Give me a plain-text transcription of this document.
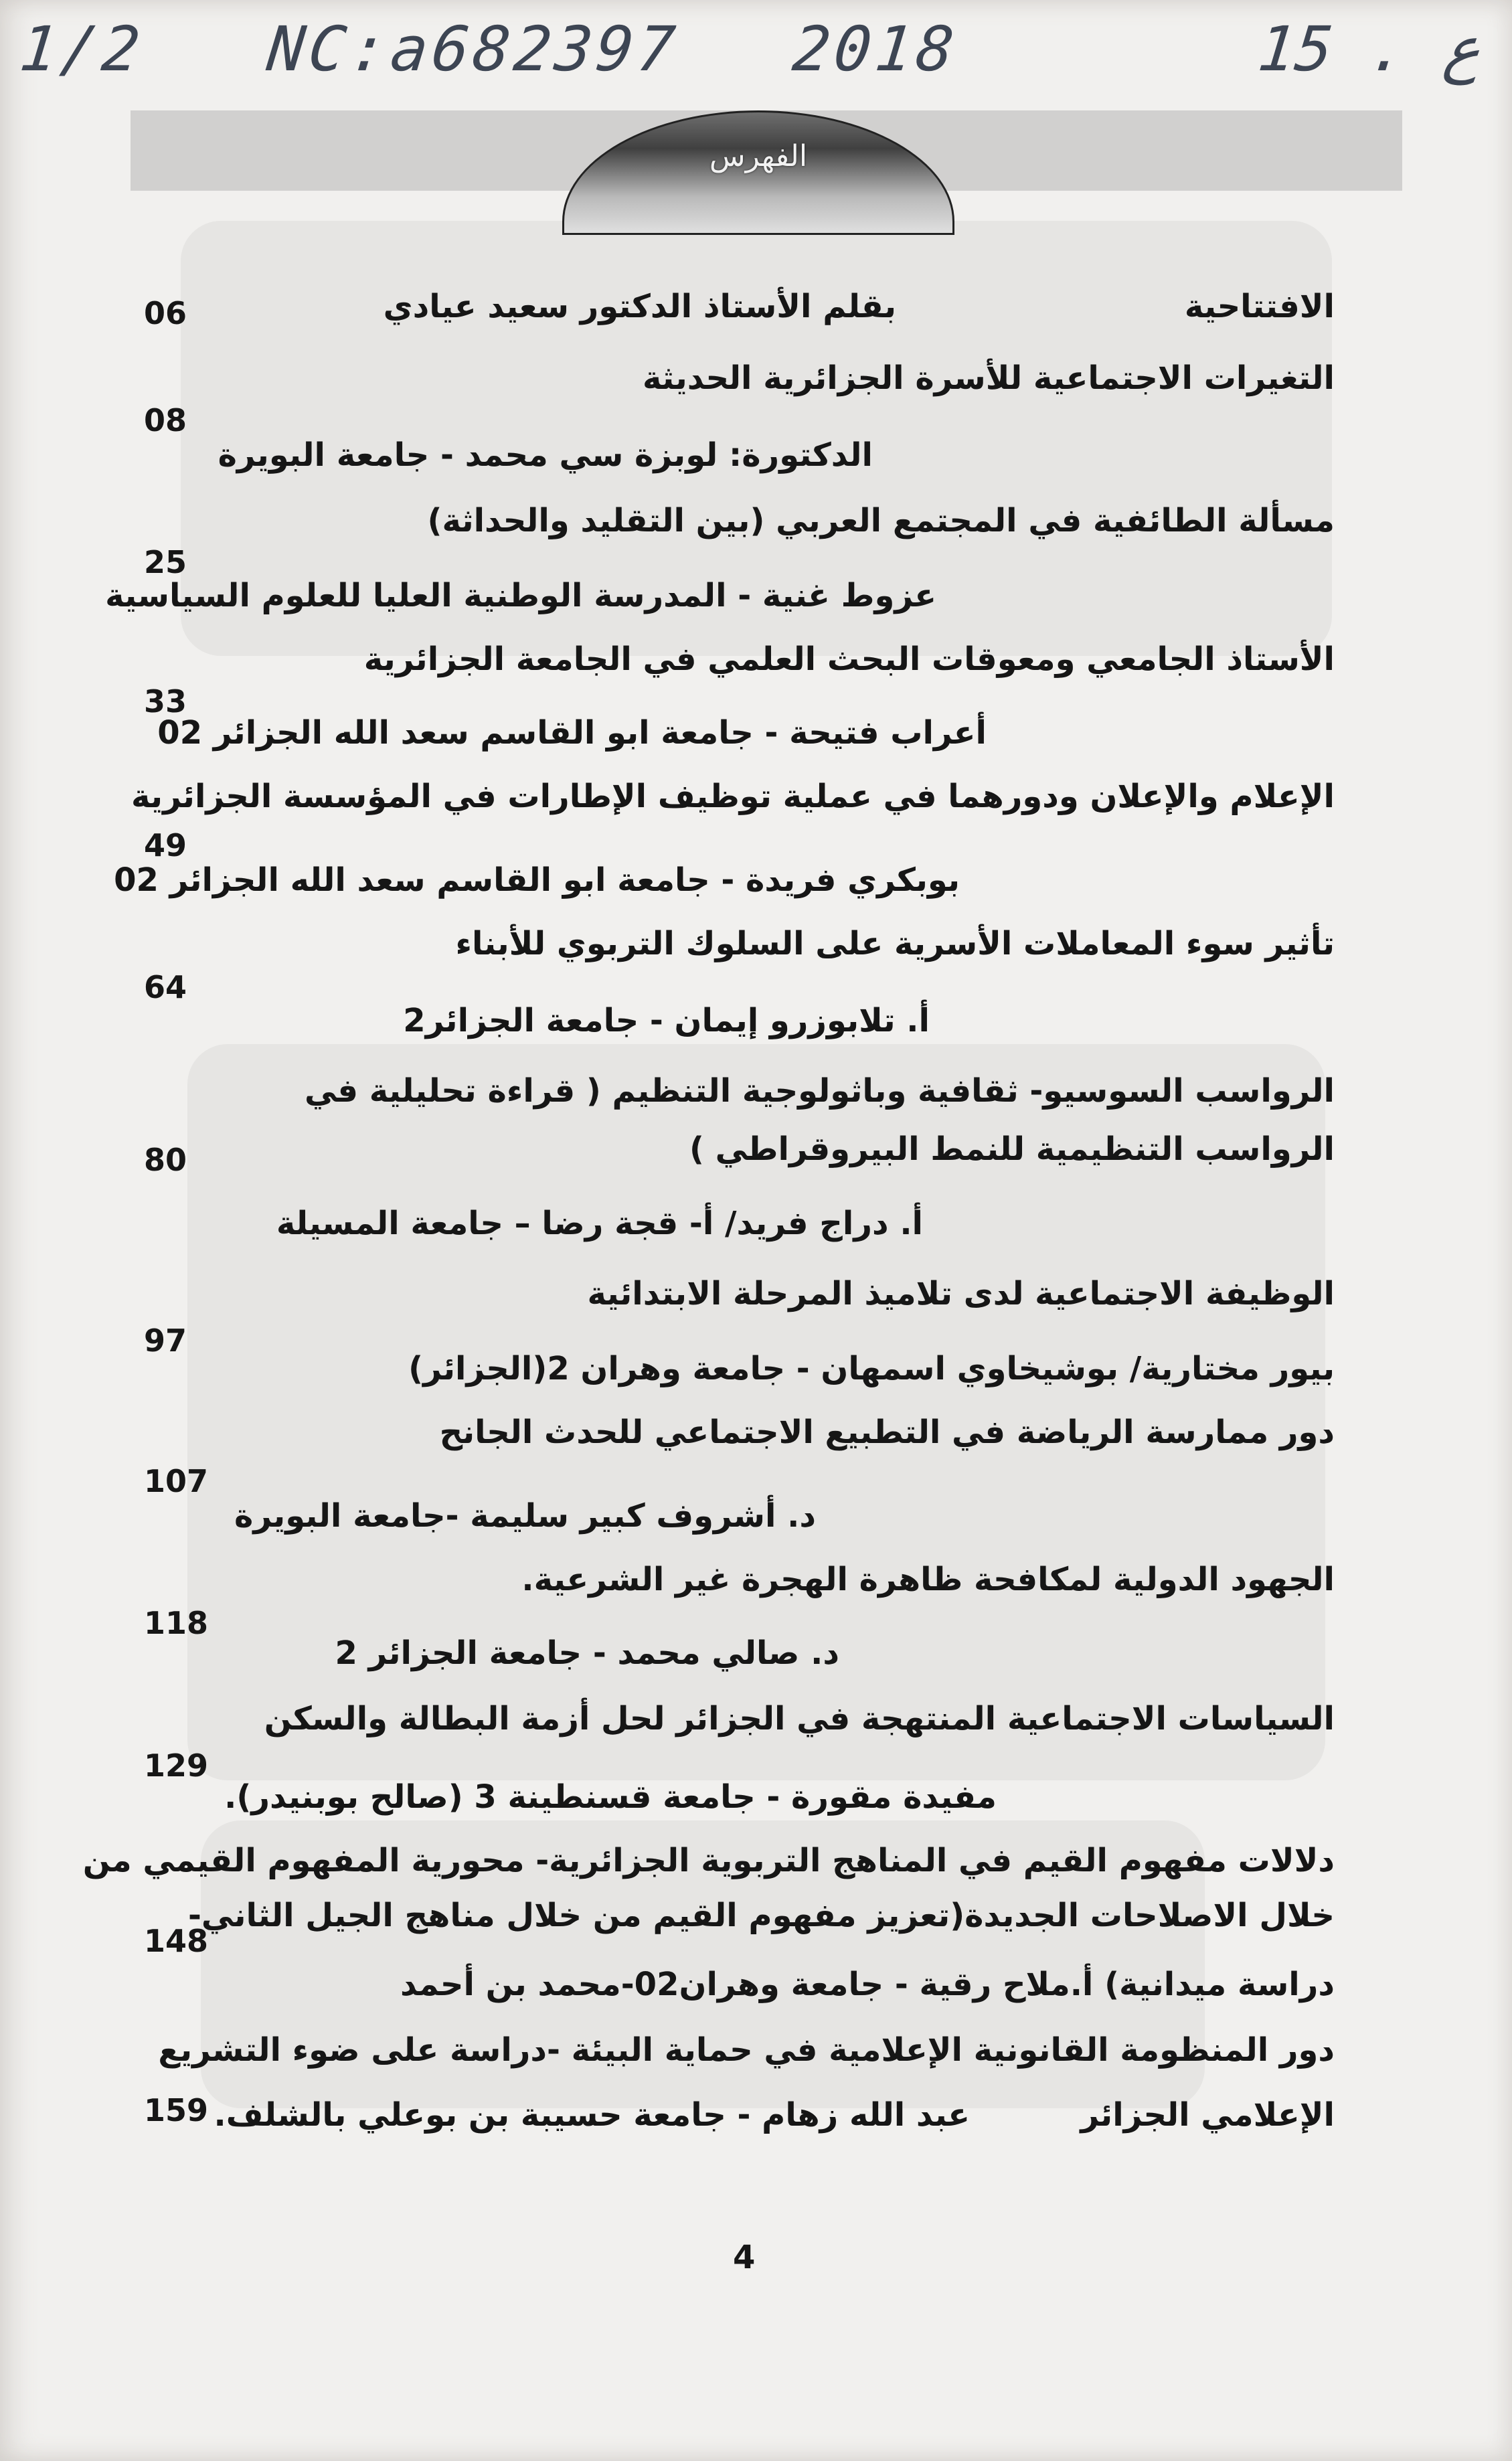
1/2 NC:a682397 2018	15 . ع
الفهرس
الافتتاحية
بقلم الأستاذ الدكتور سعيد عيادي
06
التغيرات الاجتماعية للأسرة الجزائرية الحديثة
08
الدكتورة: لوبزة سي محمد - جامعة البويرة
مسألة الطائفية في المجتمع العربي (بين التقليد والحداثة)
25
عزوط غنية - المدرسة الوطنية العليا للعلوم السياسية
الأستاذ الجامعي ومعوقات البحث العلمي في الجامعة الجزائرية
33
أعراب فتيحة - جامعة ابو القاسم سعد الله الجزائر 02
الإعلام والإعلان ودورهما في عملية توظيف الإطارات في المؤسسة الجزائرية
49
بوبكري فريدة - جامعة ابو القاسم سعد الله الجزائر 02
تأثير سوء المعاملات الأسرية على السلوك التربوي للأبناء
64
أ. تلابوزرو إيمان - جامعة الجزائر2
الرواسب السوسيو- ثقافية وباثولوجية التنظيم ( قراءة تحليلية في
الرواسب التنظيمية للنمط البيروقراطي )
80
أ. دراج فريد/ أ- قجة رضا – جامعة المسيلة
الوظيفة الاجتماعية لدى تلاميذ المرحلة الابتدائية
97
بيور مختارية/ بوشيخاوي اسمهان - جامعة وهران 2(الجزائر)
دور ممارسة الرياضة في التطبيع الاجتماعي للحدث الجانح
107
د. أشروف كبير سليمة -جامعة البويرة
الجهود الدولية لمكافحة ظاهرة الهجرة غير الشرعية.
118
د. صالي محمد - جامعة الجزائر 2
السياسات الاجتماعية المنتهجة في الجزائر لحل أزمة البطالة والسكن
129
مفيدة مقورة - جامعة قسنطينة 3 (صالح بوبنيدر).
دلالات مفهوم القيم في المناهج التربوية الجزائرية- محورية المفهوم القيمي من
خلال الاصلاحات الجديدة(تعزيز مفهوم القيم من خلال مناهج الجيل الثاني-
148
دراسة ميدانية) أ.ملاح رقية - جامعة وهران02-محمد بن أحمد
دور المنظومة القانونية الإعلامية في حماية البيئة -دراسة على ضوء التشريع
159	الإعلامي الجزائر
عبد الله زهام - جامعة حسيبة بن بوعلي بالشلف.
4
